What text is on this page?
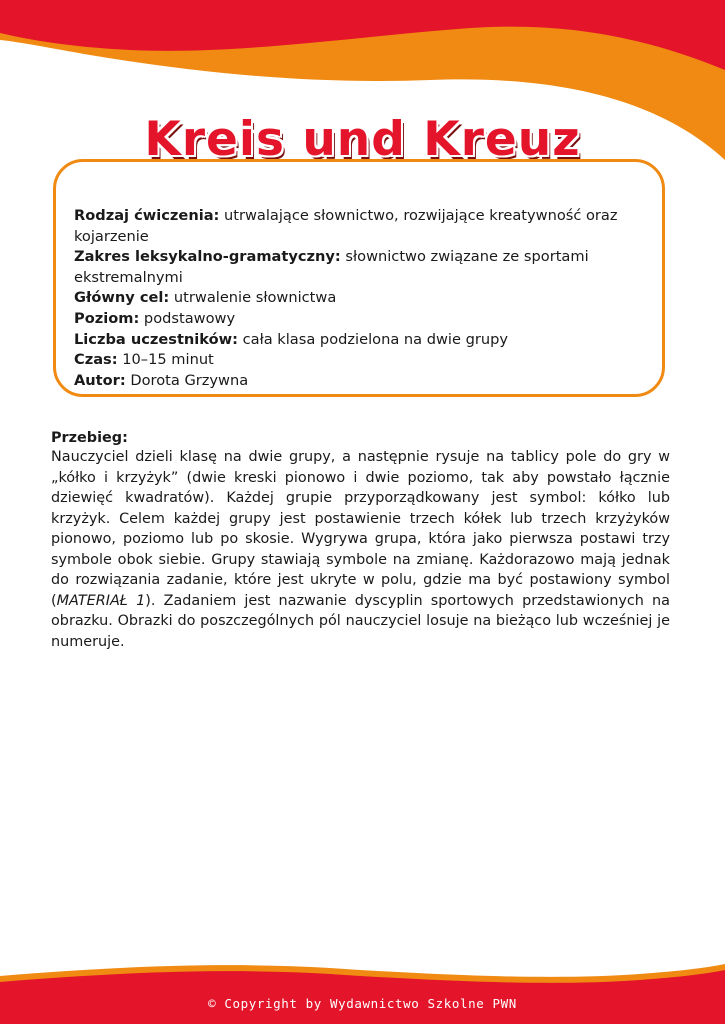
Kreis und Kreuz

Rodzaj ćwiczenia: utrwalające słownictwo, rozwijające kreatywność oraz kojarzenie

Zakres leksykalno-gramatyczny: słownictwo związane ze sportami ekstremalnymi

Główny cel: utrwalenie słownictwa

Poziom: podstawowy

Liczba uczestników: cała klasa podzielona na dwie grupy

Czas: 10–15 minut

Autor: Dorota Grzywna

Przebieg:
Nauczyciel dzieli klasę na dwie grupy, a następnie rysuje na tablicy pole do gry w „kółko i krzyżyk” (dwie kreski pionowo i dwie poziomo, tak aby powstało łącznie dziewięć kwadratów). Każdej grupie przyporządkowany jest symbol: kółko lub krzyżyk. Celem każdej grupy jest postawienie trzech kółek lub trzech krzyżyków pionowo, poziomo lub po skosie. Wygrywa grupa, która jako pierwsza postawi trzy symbole obok siebie. Grupy stawiają symbole na zmianę. Każdorazowo mają jednak do rozwiązania zadanie, które jest ukryte w polu, gdzie ma być postawiony symbol (MATERIAŁ 1). Zadaniem jest nazwanie dyscyplin sportowych przedstawionych na obrazku. Obrazki do poszczególnych pól nauczyciel losuje na bieżąco lub wcześniej je numeruje.
© Copyright by Wydawnictwo Szkolne PWN
